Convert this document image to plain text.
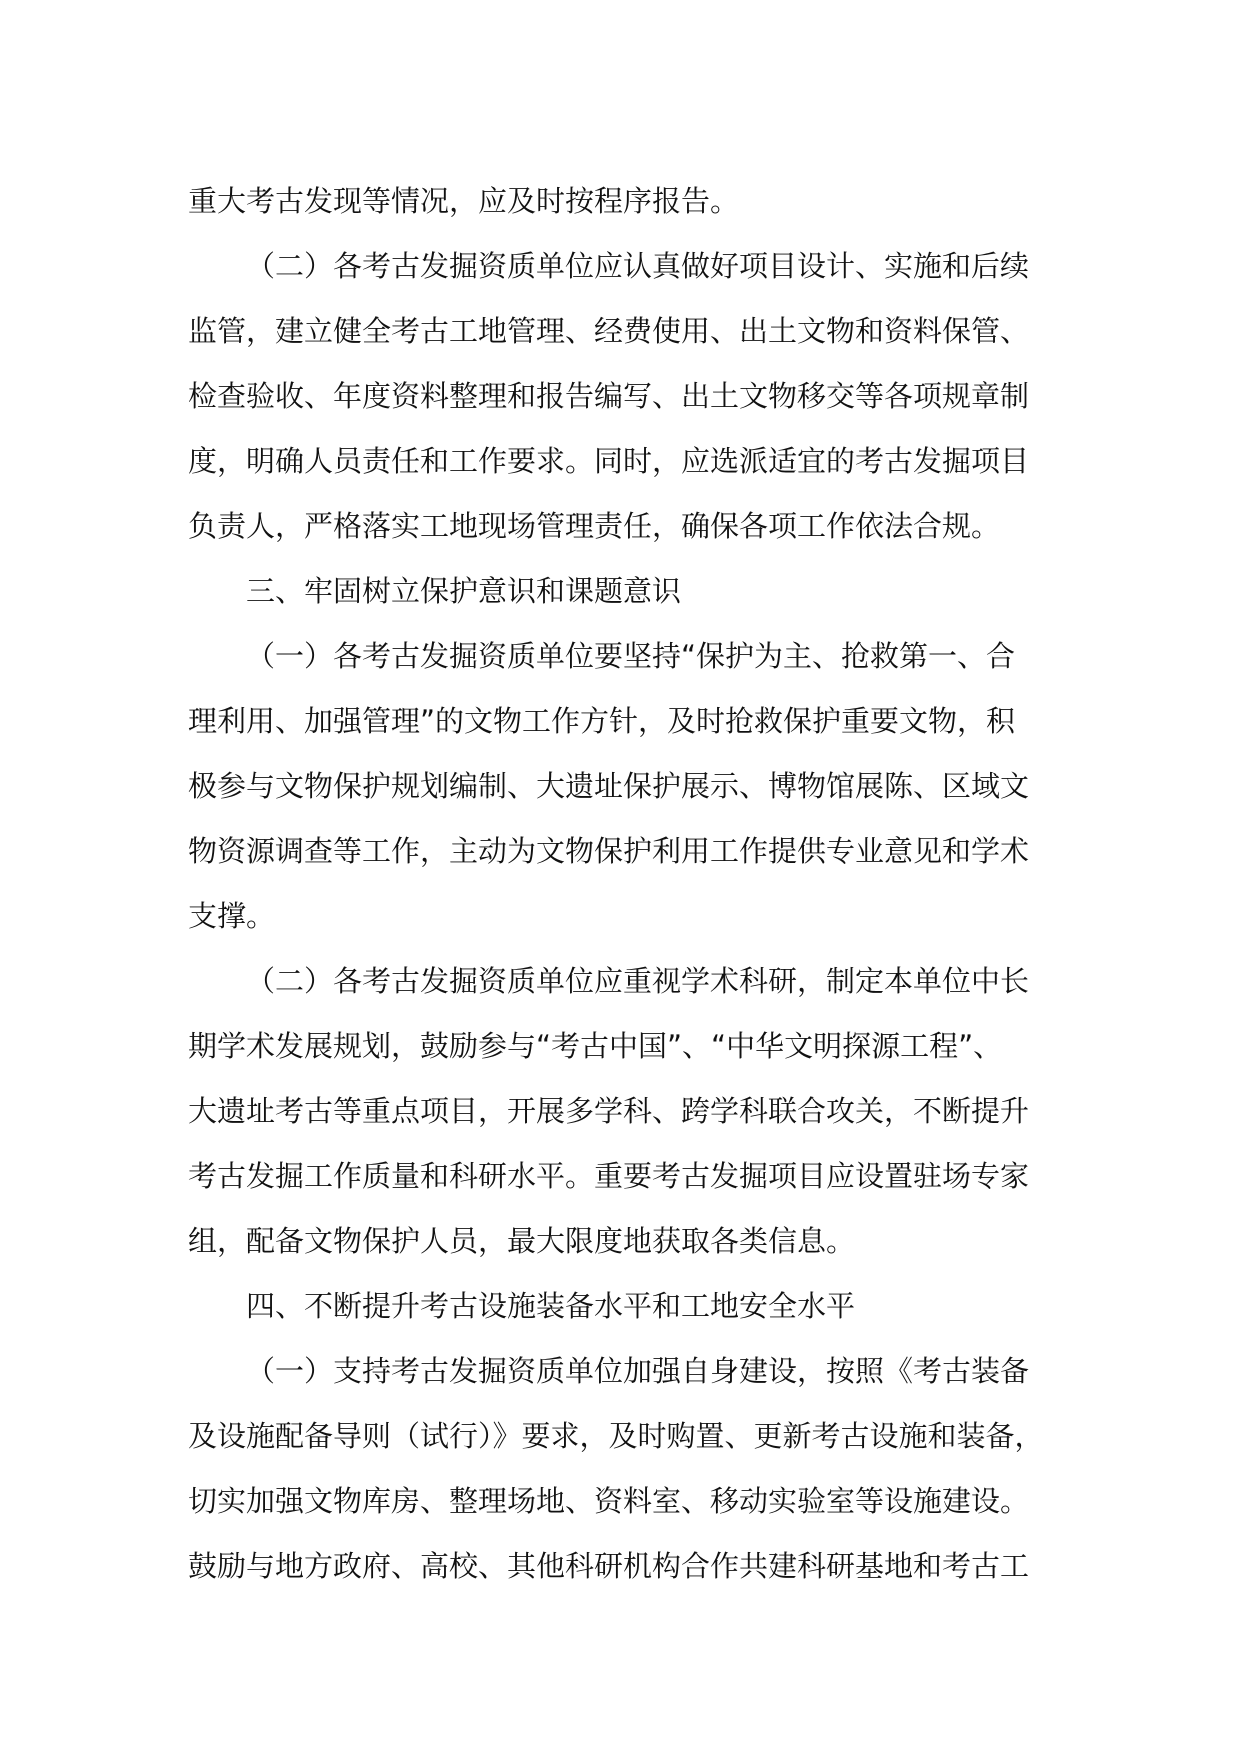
重大考古发现等情况，应及时按程序报告。
（二）各考古发掘资质单位应认真做好项目设计、实施和后续
监管，建立健全考古工地管理、经费使用、出土文物和资料保管、
检查验收、年度资料整理和报告编写、出土文物移交等各项规章制
度，明确人员责任和工作要求。同时，应选派适宜的考古发掘项目
负责人，严格落实工地现场管理责任，确保各项工作依法合规。
三、牢固树立保护意识和课题意识
（一）各考古发掘资质单位要坚持“保护为主、抢救第一、合
理利用、加强管理”的文物工作方针，及时抢救保护重要文物，积
极参与文物保护规划编制、大遗址保护展示、博物馆展陈、区域文
物资源调查等工作，主动为文物保护利用工作提供专业意见和学术
支撑。
（二）各考古发掘资质单位应重视学术科研，制定本单位中长
期学术发展规划，鼓励参与“考古中国”、“中华文明探源工程”、
大遗址考古等重点项目，开展多学科、跨学科联合攻关，不断提升
考古发掘工作质量和科研水平。重要考古发掘项目应设置驻场专家
组，配备文物保护人员，最大限度地获取各类信息。
四、不断提升考古设施装备水平和工地安全水平
（一）支持考古发掘资质单位加强自身建设，按照《考古装备
及设施配备导则（试行）》要求，及时购置、更新考古设施和装备，
切实加强文物库房、整理场地、资料室、移动实验室等设施建设。
鼓励与地方政府、高校、其他科研机构合作共建科研基地和考古工
